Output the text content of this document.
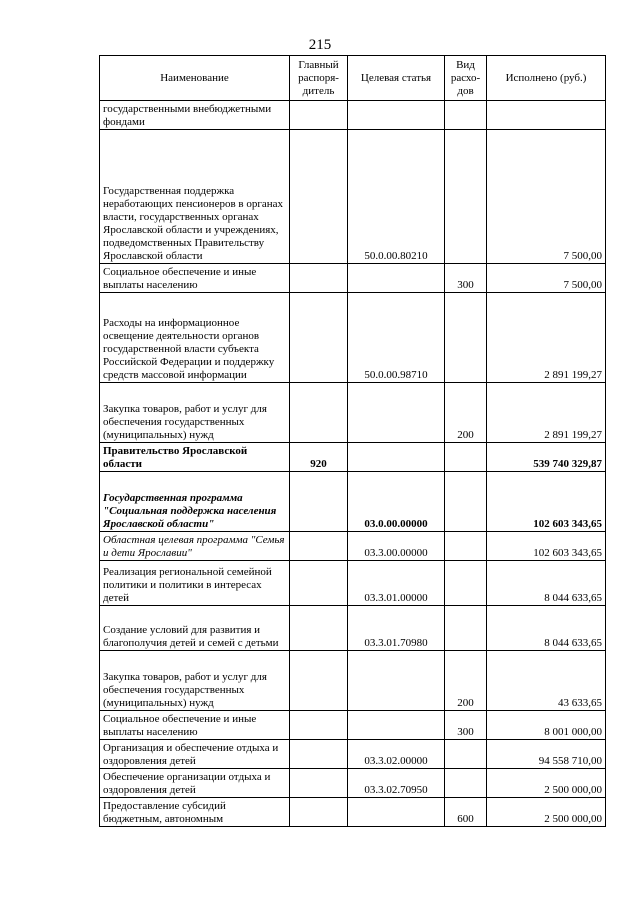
215
Наименование	Главный распоря-дитель	Целевая статья	Вид расхо-дов	Исполнено (руб.)
государственными внебюджетными фондами				
Государственная поддержка неработающих пенсионеров в органах власти, государственных органах Ярославской области и учреждениях, подведомственных Правительству Ярославской области		50.0.00.80210		7 500,00
Социальное обеспечение и иные выплаты населению			300	7 500,00
Расходы на информационное освещение деятельности органов государственной власти субъекта Российской Федерации и поддержку средств массовой информации		50.0.00.98710		2 891 199,27
Закупка товаров, работ и услуг для обеспечения государственных (муниципальных) нужд			200	2 891 199,27
Правительство Ярославской области	920			539 740 329,87
Государственная программа "Социальная поддержка населения Ярославской области"		03.0.00.00000		102 603 343,65
Областная целевая программа "Семья и дети Ярославии"		03.3.00.00000		102 603 343,65
Реализация региональной семейной политики и политики в интересах детей		03.3.01.00000		8 044 633,65
Создание условий для развития и благополучия детей и семей с детьми		03.3.01.70980		8 044 633,65
Закупка товаров, работ и услуг для обеспечения государственных (муниципальных) нужд			200	43 633,65
Социальное обеспечение и иные выплаты населению			300	8 001 000,00
Организация и обеспечение отдыха и оздоровления детей		03.3.02.00000		94 558 710,00
Обеспечение организации отдыха и оздоровления детей		03.3.02.70950		2 500 000,00
Предоставление субсидий бюджетным, автономным			600	2 500 000,00
